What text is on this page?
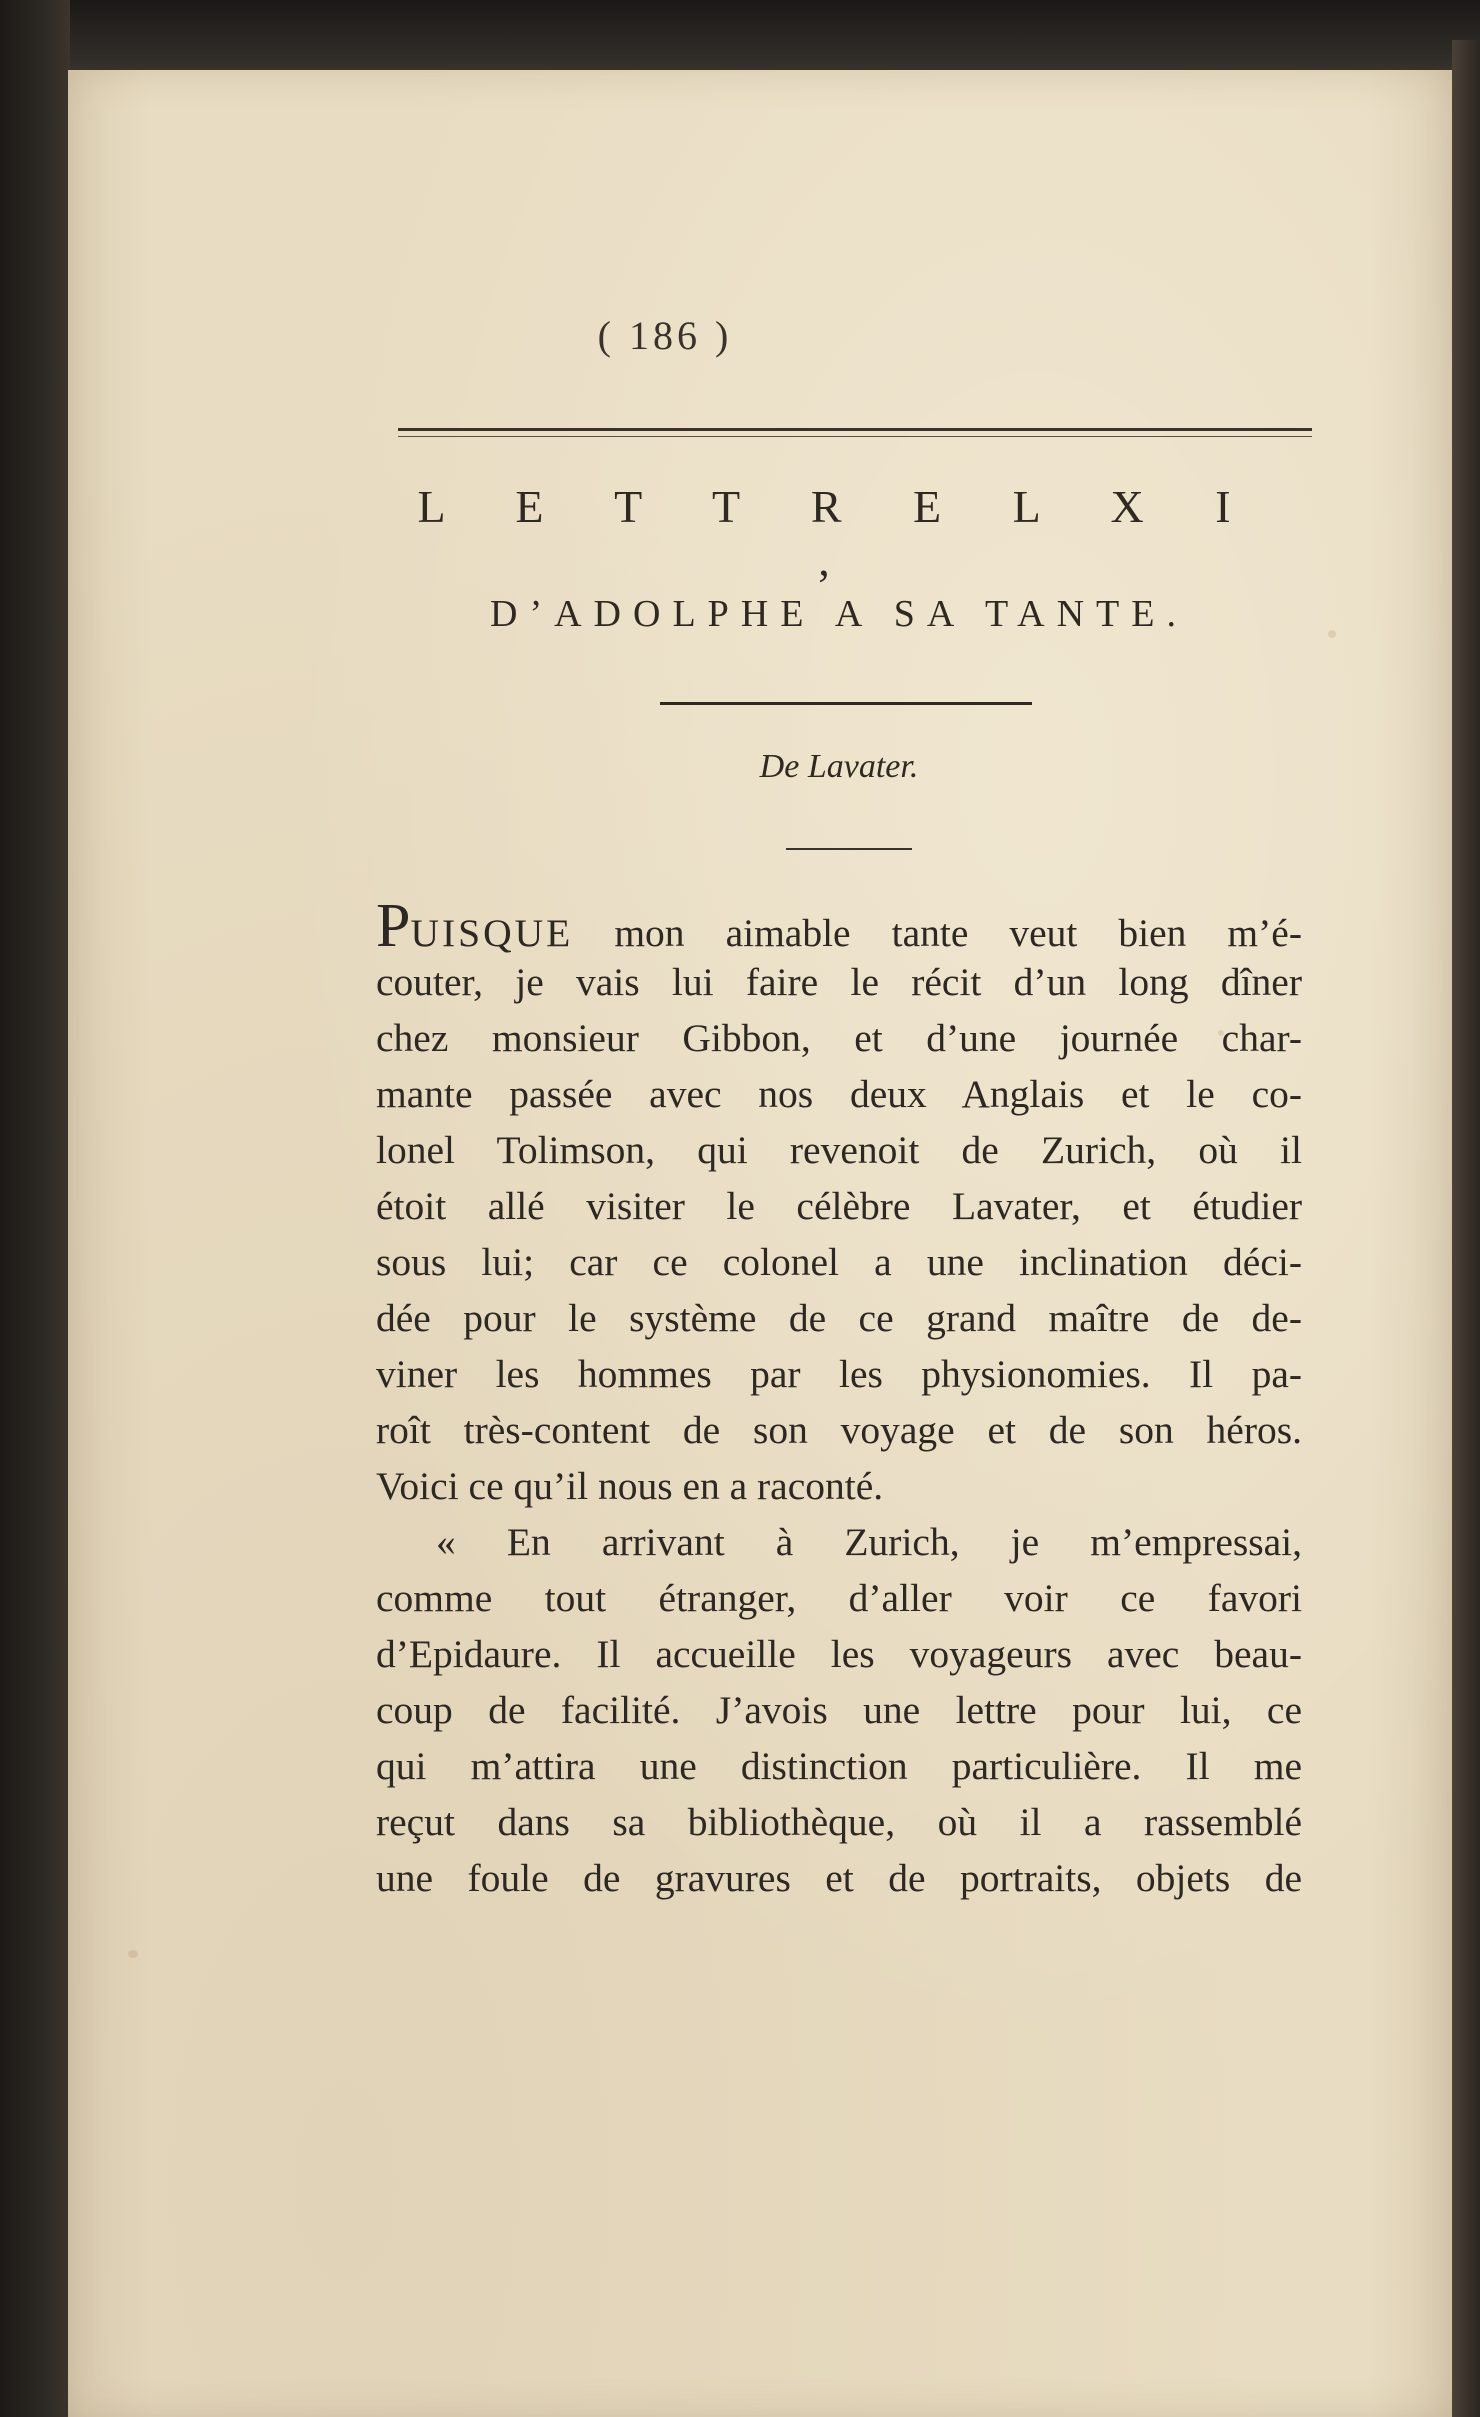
( 186 )
L E T T R E L X I ,
D’ADOLPHE A SA TANTE.
De Lavater.
PUISQUE mon aimable tante veut bien m’é-
couter, je vais lui faire le récit d’un long dîner
chez monsieur Gibbon, et d’une journée char-
mante passée avec nos deux Anglais et le co-
lonel Tolimson, qui revenoit de Zurich, où il
étoit allé visiter le célèbre Lavater, et étudier
sous lui; car ce colonel a une inclination déci-
dée pour le système de ce grand maître de de-
viner les hommes par les physionomies. Il pa-
roît très-content de son voyage et de son héros.
Voici ce qu’il nous en a raconté.
« En arrivant à Zurich, je m’empressai,
comme tout étranger, d’aller voir ce favori
d’Epidaure. Il accueille les voyageurs avec beau-
coup de facilité. J’avois une lettre pour lui, ce
qui m’attira une distinction particulière. Il me
reçut dans sa bibliothèque, où il a rassemblé
une foule de gravures et de portraits, objets de
